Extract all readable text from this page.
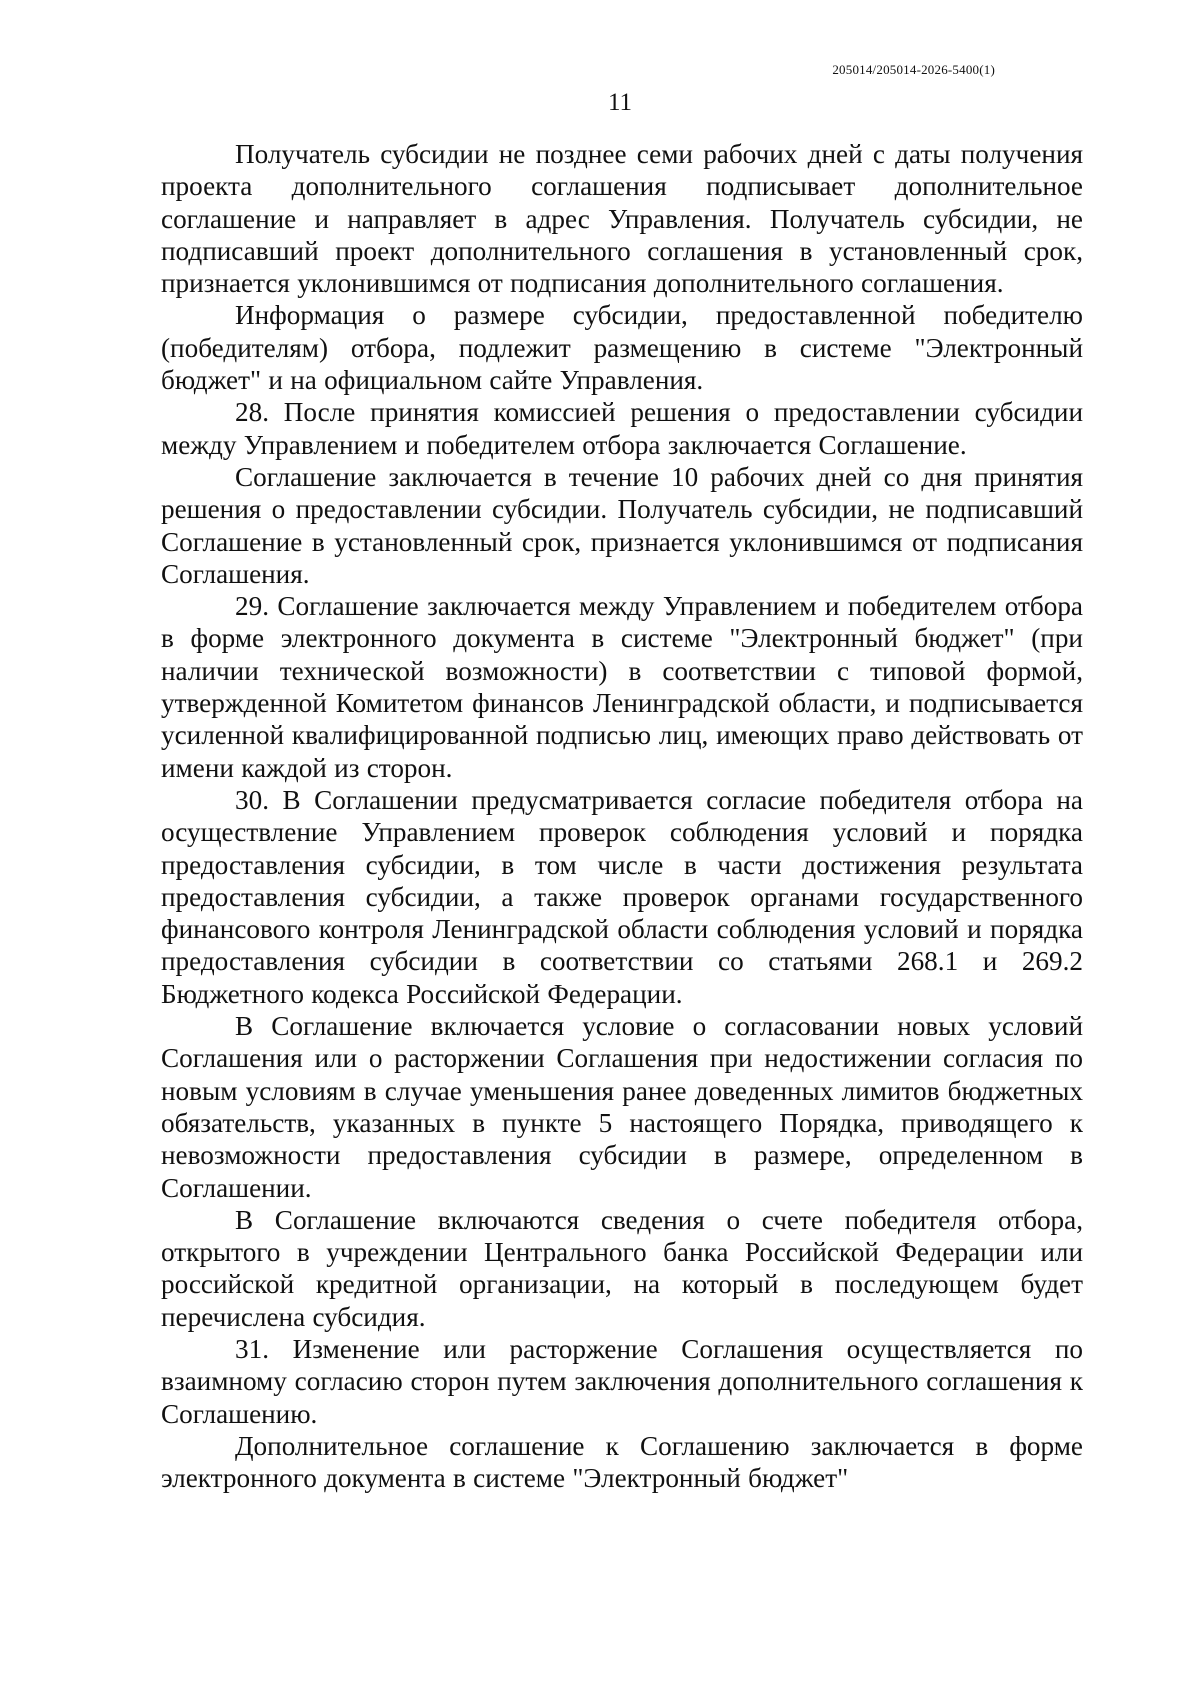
205014/205014-2026-5400(1)
11

Получатель субсидии не позднее семи рабочих дней с даты получения проекта дополнительного соглашения подписывает дополнительное соглашение и направляет в адрес Управления. Получатель субсидии, не подписавший проект дополнительного соглашения в установленный срок, признается уклонившимся от подписания дополнительного соглашения.

Информация о размере субсидии, предоставленной победителю (победителям) отбора, подлежит размещению в системе "Электронный бюджет" и на официальном сайте Управления.

28. После принятия комиссией решения о предоставлении субсидии между Управлением и победителем отбора заключается Соглашение.

Соглашение заключается в течение 10 рабочих дней со дня принятия решения о предоставлении субсидии. Получатель субсидии, не подписавший Соглашение в установленный срок, признается уклонившимся от подписания Соглашения.

29. Соглашение заключается между Управлением и победителем отбора в форме электронного документа в системе "Электронный бюджет" (при наличии технической возможности) в соответствии с типовой формой, утвержденной Комитетом финансов Ленинградской области, и подписывается усиленной квалифицированной подписью лиц, имеющих право действовать от имени каждой из сторон.

30. В Соглашении предусматривается согласие победителя отбора на осуществление Управлением проверок соблюдения условий и порядка предоставления субсидии, в том числе в части достижения результата предоставления субсидии, а также проверок органами государственного финансового контроля Ленинградской области соблюдения условий и порядка предоставления субсидии в соответствии со статьями 268.1 и 269.2 Бюджетного кодекса Российской Федерации.

В Соглашение включается условие о согласовании новых условий Соглашения или о расторжении Соглашения при недостижении согласия по новым условиям в случае уменьшения ранее доведенных лимитов бюджетных обязательств, указанных в пункте 5 настоящего Порядка, приводящего к невозможности предоставления субсидии в размере, определенном в Соглашении.

В Соглашение включаются сведения о счете победителя отбора, открытого в учреждении Центрального банка Российской Федерации или российской кредитной организации, на который в последующем будет перечислена субсидия.

31. Изменение или расторжение Соглашения осуществляется по взаимному согласию сторон путем заключения дополнительного соглашения к Соглашению.

Дополнительное соглашение к Соглашению заключается в форме электронного документа в системе "Электронный бюджет"
